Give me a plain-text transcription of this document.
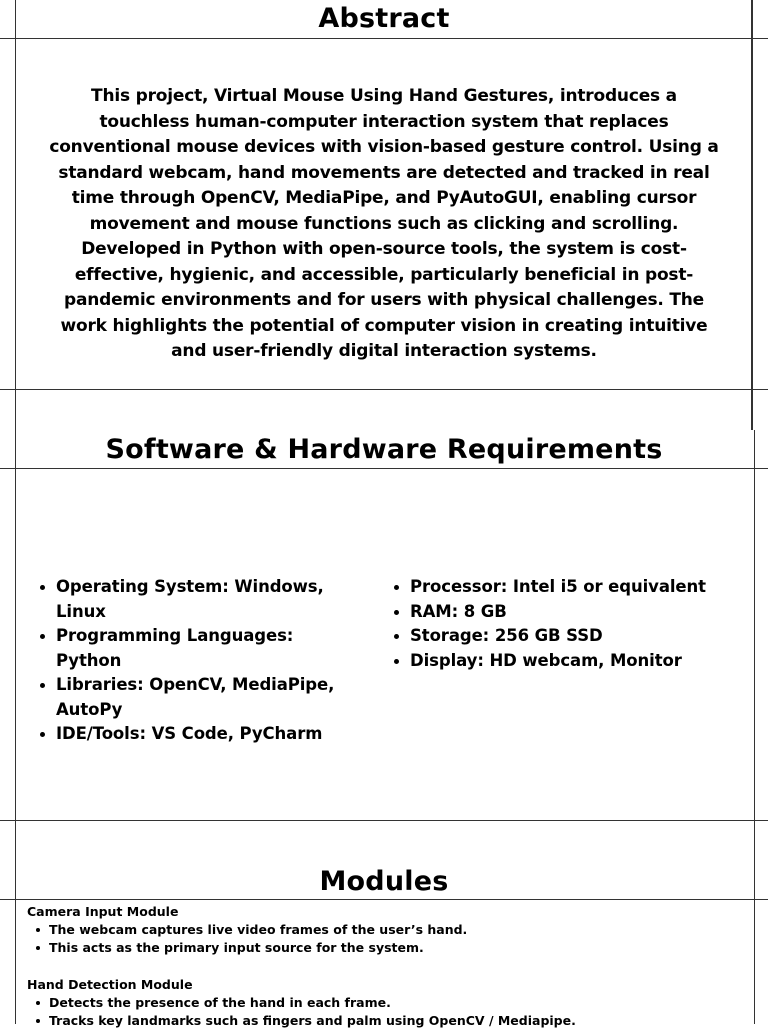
Abstract
This project, Virtual Mouse Using Hand Gestures, introduces a touchless human-computer interaction system that replaces conventional mouse devices with vision-based gesture control. Using a standard webcam, hand movements are detected and tracked in real time through OpenCV, MediaPipe, and PyAutoGUI, enabling cursor movement and mouse functions such as clicking and scrolling. Developed in Python with open-source tools, the system is cost-effective, hygienic, and accessible, particularly beneficial in post-pandemic environments and for users with physical challenges. The work highlights the potential of computer vision in creating intuitive and user-friendly digital interaction systems.
Software & Hardware Requirements
Operating System: Windows, Linux
Programming Languages: Python
Libraries: OpenCV, MediaPipe, AutoPy
IDE/Tools: VS Code, PyCharm
Processor: Intel i5 or equivalent
RAM: 8 GB
Storage: 256 GB SSD
Display: HD webcam, Monitor
Modules
Camera Input Module
The webcam captures live video frames of the user’s hand.
This acts as the primary input source for the system.
Hand Detection Module
Detects the presence of the hand in each frame.
Tracks key landmarks such as fingers and palm using OpenCV / Mediapipe.
